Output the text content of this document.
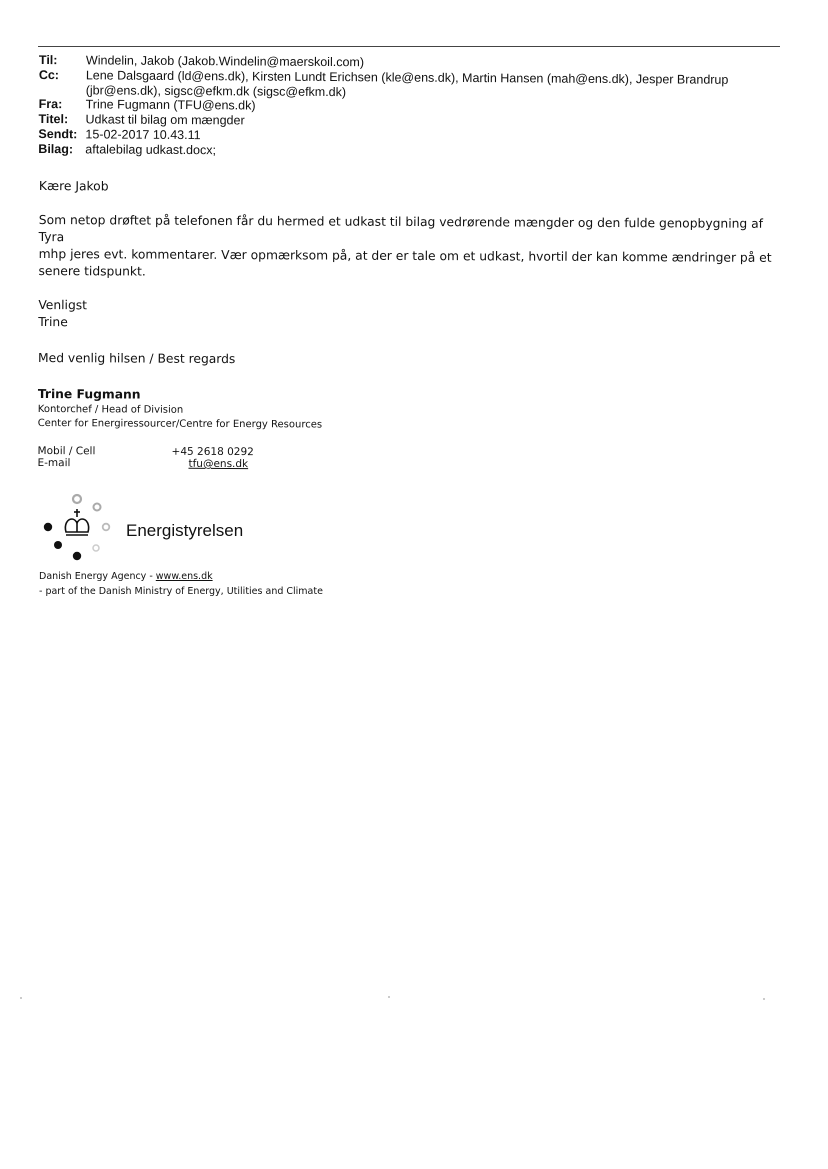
Til:	Windelin, Jakob (Jakob.Windelin@maerskoil.com)
Cc:	Lene Dalsgaard (ld@ens.dk), Kirsten Lundt Erichsen (kle@ens.dk), Martin Hansen (mah@ens.dk), Jesper Brandrup
(jbr@ens.dk), sigsc@efkm.dk (sigsc@efkm.dk)
Fra:	Trine Fugmann (TFU@ens.dk)
Titel:	Udkast til bilag om mængder
Sendt: 15-02-2017 10.43.11
Bilag: aftalebilag udkast.docx;

Kære Jakob

Som netop drøftet på telefonen får du hermed et udkast til bilag vedrørende mængder og den fulde genopbygning af Tyra

mhp jeres evt. kommentarer. Vær opmærksom på, at der er tale om et udkast, hvortil der kan komme ændringer på et

senere tidspunkt.

Venligst

Trine

Med venlig hilsen / Best regards

Trine Fugmann

Kontorchef / Head of Division

Center for Energiressourcer/Centre for Energy Resources

Mobil / Cell	+45 2618 0292
E-mail	tfu@ens.dk
Energistyrelsen
Danish Energy Agency - www.ens.dk
- part of the Danish Ministry of Energy, Utilities and Climate
